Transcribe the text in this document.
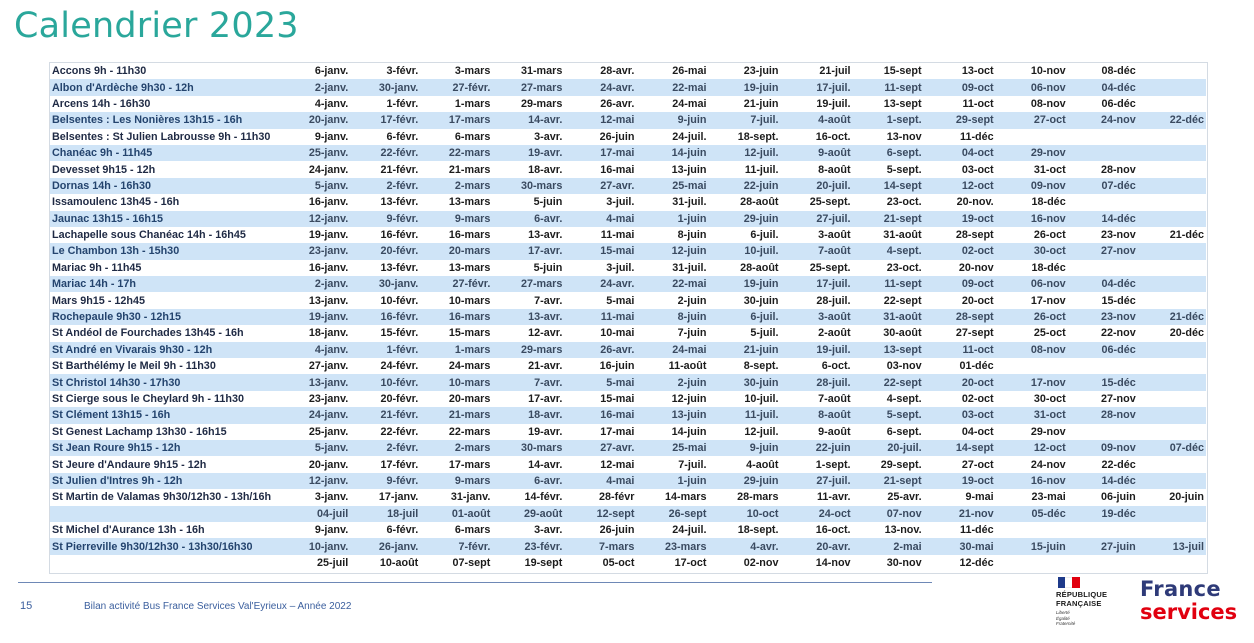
Calendrier 2023
Accons 9h - 11h30	6-janv.	3-févr.	3-mars	31-mars	28-avr.	26-mai	23-juin	21-juil	15-sept	13-oct	10-nov	08-déc	
Albon d'Ardèche 9h30 - 12h	2-janv.	30-janv.	27-févr.	27-mars	24-avr.	22-mai	19-juin	17-juil.	11-sept	09-oct	06-nov	04-déc	
Arcens 14h - 16h30	4-janv.	1-févr.	1-mars	29-mars	26-avr.	24-mai	21-juin	19-juil.	13-sept	11-oct	08-nov	06-déc	
Belsentes : Les Nonières 13h15 - 16h	20-janv.	17-févr.	17-mars	14-avr.	12-mai	9-juin	7-juil.	4-août	1-sept.	29-sept	27-oct	24-nov	22-déc
Belsentes : St Julien Labrousse 9h - 11h30	9-janv.	6-févr.	6-mars	3-avr.	26-juin	24-juil.	18-sept.	16-oct.	13-nov	11-déc			
Chanéac 9h - 11h45	25-janv.	22-févr.	22-mars	19-avr.	17-mai	14-juin	12-juil.	9-août	6-sept.	04-oct	29-nov		
Devesset 9h15 - 12h	24-janv.	21-févr.	21-mars	18-avr.	16-mai	13-juin	11-juil.	8-août	5-sept.	03-oct	31-oct	28-nov	
Dornas 14h - 16h30	5-janv.	2-févr.	2-mars	30-mars	27-avr.	25-mai	22-juin	20-juil.	14-sept	12-oct	09-nov	07-déc	
Issamoulenc 13h45 - 16h	16-janv.	13-févr.	13-mars	5-juin	3-juil.	31-juil.	28-août	25-sept.	23-oct.	20-nov.	18-déc		
Jaunac 13h15 - 16h15	12-janv.	9-févr.	9-mars	6-avr.	4-mai	1-juin	29-juin	27-juil.	21-sept	19-oct	16-nov	14-déc	
Lachapelle sous Chanéac 14h - 16h45	19-janv.	16-févr.	16-mars	13-avr.	11-mai	8-juin	6-juil.	3-août	31-août	28-sept	26-oct	23-nov	21-déc
Le Chambon 13h - 15h30	23-janv.	20-févr.	20-mars	17-avr.	15-mai	12-juin	10-juil.	7-août	4-sept.	02-oct	30-oct	27-nov	
Mariac 9h - 11h45	16-janv.	13-févr.	13-mars	5-juin	3-juil.	31-juil.	28-août	25-sept.	23-oct.	20-nov	18-déc		
Mariac 14h - 17h	2-janv.	30-janv.	27-févr.	27-mars	24-avr.	22-mai	19-juin	17-juil.	11-sept	09-oct	06-nov	04-déc	
Mars 9h15 - 12h45	13-janv.	10-févr.	10-mars	7-avr.	5-mai	2-juin	30-juin	28-juil.	22-sept	20-oct	17-nov	15-déc	
Rochepaule 9h30 - 12h15	19-janv.	16-févr.	16-mars	13-avr.	11-mai	8-juin	6-juil.	3-août	31-août	28-sept	26-oct	23-nov	21-déc
St Andéol de Fourchades 13h45 - 16h	18-janv.	15-févr.	15-mars	12-avr.	10-mai	7-juin	5-juil.	2-août	30-août	27-sept	25-oct	22-nov	20-déc
St André en Vivarais 9h30 - 12h	4-janv.	1-févr.	1-mars	29-mars	26-avr.	24-mai	21-juin	19-juil.	13-sept	11-oct	08-nov	06-déc	
St Barthélémy le Meil 9h - 11h30	27-janv.	24-févr.	24-mars	21-avr.	16-juin	11-août	8-sept.	6-oct.	03-nov	01-déc			
St Christol 14h30 - 17h30	13-janv.	10-févr.	10-mars	7-avr.	5-mai	2-juin	30-juin	28-juil.	22-sept	20-oct	17-nov	15-déc	
St Cierge sous le Cheylard 9h - 11h30	23-janv.	20-févr.	20-mars	17-avr.	15-mai	12-juin	10-juil.	7-août	4-sept.	02-oct	30-oct	27-nov	
St Clément 13h15 - 16h	24-janv.	21-févr.	21-mars	18-avr.	16-mai	13-juin	11-juil.	8-août	5-sept.	03-oct	31-oct	28-nov	
St Genest Lachamp 13h30 - 16h15	25-janv.	22-févr.	22-mars	19-avr.	17-mai	14-juin	12-juil.	9-août	6-sept.	04-oct	29-nov		
St Jean Roure 9h15 - 12h	5-janv.	2-févr.	2-mars	30-mars	27-avr.	25-mai	9-juin	22-juin	20-juil.	14-sept	12-oct	09-nov	07-déc
St Jeure d'Andaure 9h15 - 12h	20-janv.	17-févr.	17-mars	14-avr.	12-mai	7-juil.	4-août	1-sept.	29-sept.	27-oct	24-nov	22-déc	
St Julien d'Intres 9h - 12h	12-janv.	9-févr.	9-mars	6-avr.	4-mai	1-juin	29-juin	27-juil.	21-sept	19-oct	16-nov	14-déc	
St Martin de Valamas 9h30/12h30 - 13h/16h	3-janv.	17-janv.	31-janv.	14-févr.	28-févr	14-mars	28-mars	11-avr.	25-avr.	9-mai	23-mai	06-juin	20-juin
	04-juil	18-juil	01-août	29-août	12-sept	26-sept	10-oct	24-oct	07-nov	21-nov	05-déc	19-déc	
St Michel d'Aurance 13h - 16h	9-janv.	6-févr.	6-mars	3-avr.	26-juin	24-juil.	18-sept.	16-oct.	13-nov.	11-déc			
St Pierreville 9h30/12h30 - 13h30/16h30	10-janv.	26-janv.	7-févr.	23-févr.	7-mars	23-mars	4-avr.	20-avr.	2-mai	30-mai	15-juin	27-juin	13-juil
	25-juil	10-août	07-sept	19-sept	05-oct	17-oct	02-nov	14-nov	30-nov	12-déc			
15	Bilan activité Bus France Services Val'Eyrieux – Année 2022
RÉPUBLIQUE
FRANÇAISE
Liberté
Égalité
Fraternité
France
services
